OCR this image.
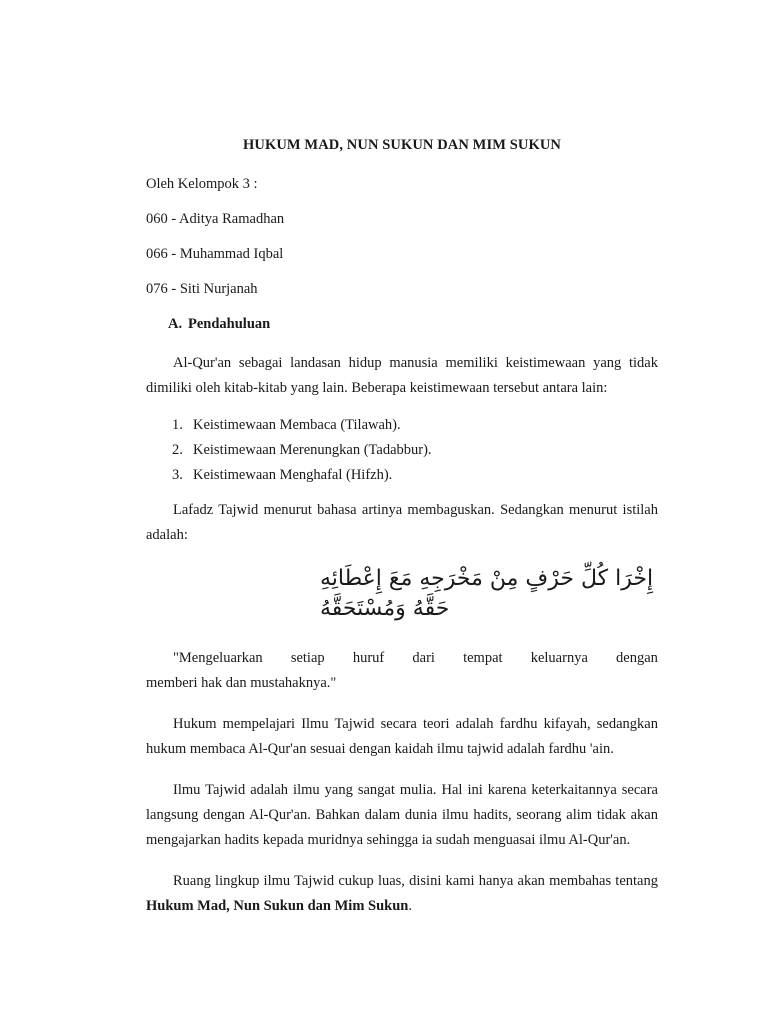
HUKUM MAD, NUN SUKUN DAN MIM SUKUN
Oleh Kelompok 3 :
060 - Aditya Ramadhan
066 - Muhammad Iqbal
076 - Siti Nurjanah
A. Pendahuluan
Al-Qur'an sebagai landasan hidup manusia memiliki keistimewaan yang tidak dimiliki oleh kitab-kitab yang lain. Beberapa keistimewaan tersebut antara lain:
1. Keistimewaan Membaca (Tilawah).
2. Keistimewaan Merenungkan (Tadabbur).
3. Keistimewaan Menghafal (Hifzh).
Lafadz Tajwid menurut bahasa artinya membaguskan. Sedangkan menurut istilah adalah:
إِخْرَا كُلِّ حَرْفٍ مِنْ مَخْرَجِهِ مَعَ إِعْطَائِهِ حَقَّهُ وَمُسْتَحَقَّهُ
"Mengeluarkan setiap huruf dari tempat keluarnya dengan
memberi hak dan mustahaknya."
Hukum mempelajari Ilmu Tajwid secara teori adalah fardhu kifayah, sedangkan hukum membaca Al-Qur'an sesuai dengan kaidah ilmu tajwid adalah fardhu 'ain.
Ilmu Tajwid adalah ilmu yang sangat mulia. Hal ini karena keterkaitannya secara langsung dengan Al-Qur'an. Bahkan dalam dunia ilmu hadits, seorang alim tidak akan mengajarkan hadits kepada muridnya sehingga ia sudah menguasai ilmu Al-Qur'an.
Ruang lingkup ilmu Tajwid cukup luas, disini kami hanya akan membahas tentang Hukum Mad, Nun Sukun dan Mim Sukun.
